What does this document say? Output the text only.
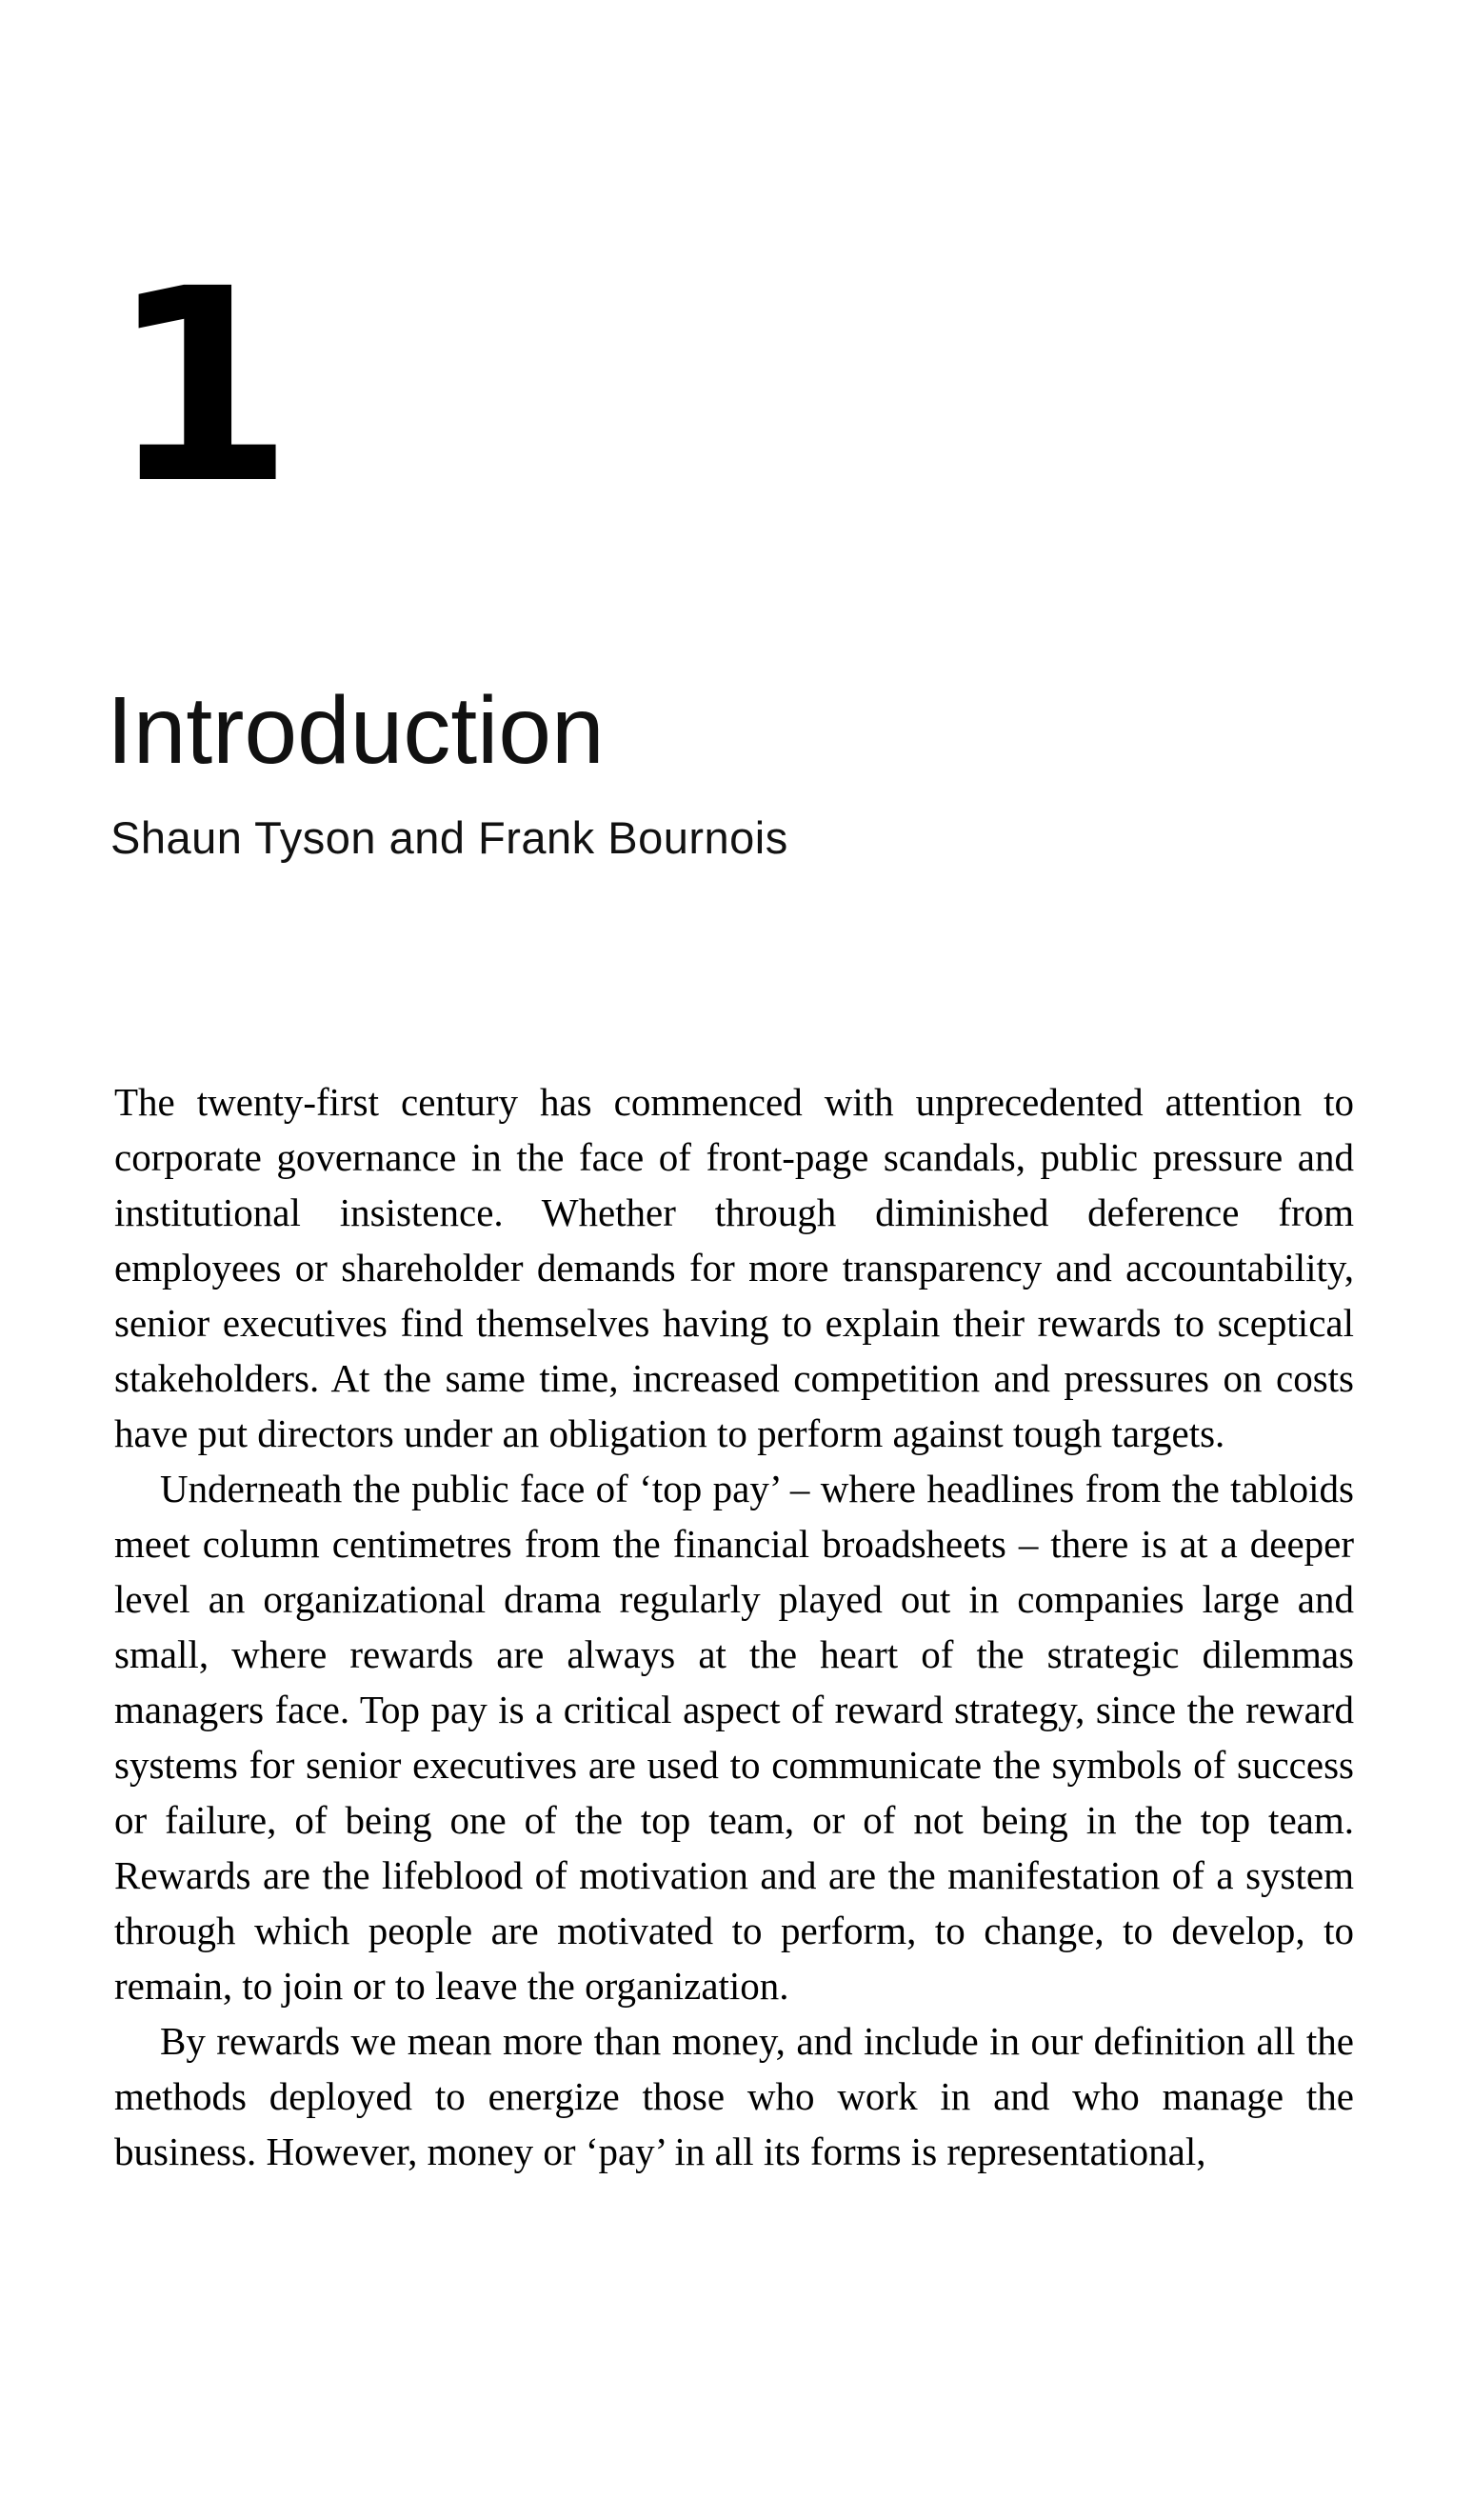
1
Introduction
Shaun Tyson and Frank Bournois

The twenty-first century has commenced with unprecedented attention to corporate governance in the face of front-page scandals, public pressure and institutional insistence. Whether through diminished deference from employees or shareholder demands for more transparency and accountability, senior executives find themselves having to explain their rewards to sceptical stakeholders. At the same time, increased competition and pressures on costs have put directors under an obligation to perform against tough targets.

Underneath the public face of ‘top pay’ – where headlines from the tabloids meet column centimetres from the financial broadsheets – there is at a deeper level an organizational drama regularly played out in companies large and small, where rewards are always at the heart of the strategic dilemmas managers face. Top pay is a critical aspect of reward strategy, since the reward systems for senior executives are used to communicate the symbols of success or failure, of being one of the top team, or of not being in the top team. Rewards are the lifeblood of motivation and are the manifestation of a system through which people are motivated to perform, to change, to develop, to remain, to join or to leave the organization.

By rewards we mean more than money, and include in our definition all the methods deployed to energize those who work in and who manage the business. However, money or ‘pay’ in all its forms is representational,
